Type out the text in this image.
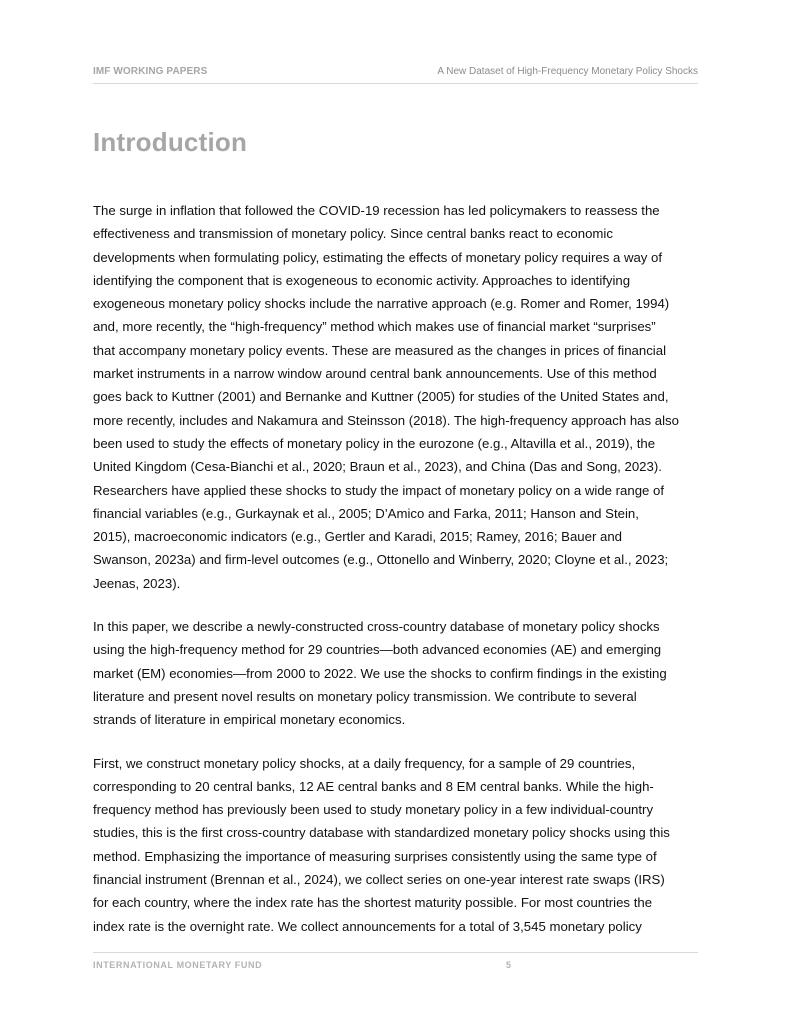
IMF WORKING PAPERS	A New Dataset of High-Frequency Monetary Policy Shocks
Introduction

The surge in inflation that followed the COVID-19 recession has led policymakers to reassess the
effectiveness and transmission of monetary policy. Since central banks react to economic
developments when formulating policy, estimating the effects of monetary policy requires a way of
identifying the component that is exogeneous to economic activity. Approaches to identifying
exogeneous monetary policy shocks include the narrative approach (e.g. Romer and Romer, 1994)
and, more recently, the “high-frequency” method which makes use of financial market “surprises”
that accompany monetary policy events. These are measured as the changes in prices of financial
market instruments in a narrow window around central bank announcements. Use of this method
goes back to Kuttner (2001) and Bernanke and Kuttner (2005) for studies of the United States and,
more recently, includes and Nakamura and Steinsson (2018). The high-frequency approach has also
been used to study the effects of monetary policy in the eurozone (e.g., Altavilla et al., 2019), the
United Kingdom (Cesa-Bianchi et al., 2020; Braun et al., 2023), and China (Das and Song, 2023).
Researchers have applied these shocks to study the impact of monetary policy on a wide range of
financial variables (e.g., Gurkaynak et al., 2005; D’Amico and Farka, 2011; Hanson and Stein,
2015), macroeconomic indicators (e.g., Gertler and Karadi, 2015; Ramey, 2016; Bauer and
Swanson, 2023a) and firm-level outcomes (e.g., Ottonello and Winberry, 2020; Cloyne et al., 2023;
Jeenas, 2023).

In this paper, we describe a newly-constructed cross-country database of monetary policy shocks
using the high-frequency method for 29 countries—both advanced economies (AE) and emerging
market (EM) economies—from 2000 to 2022. We use the shocks to confirm findings in the existing
literature and present novel results on monetary policy transmission. We contribute to several
strands of literature in empirical monetary economics.

First, we construct monetary policy shocks, at a daily frequency, for a sample of 29 countries,
corresponding to 20 central banks, 12 AE central banks and 8 EM central banks. While the high-
frequency method has previously been used to study monetary policy in a few individual-country
studies, this is the first cross-country database with standardized monetary policy shocks using this
method. Emphasizing the importance of measuring surprises consistently using the same type of
financial instrument (Brennan et al., 2024), we collect series on one-year interest rate swaps (IRS)
for each country, where the index rate has the shortest maturity possible. For most countries the
index rate is the overnight rate. We collect announcements for a total of 3,545 monetary policy

INTERNATIONAL MONETARY FUND	5
